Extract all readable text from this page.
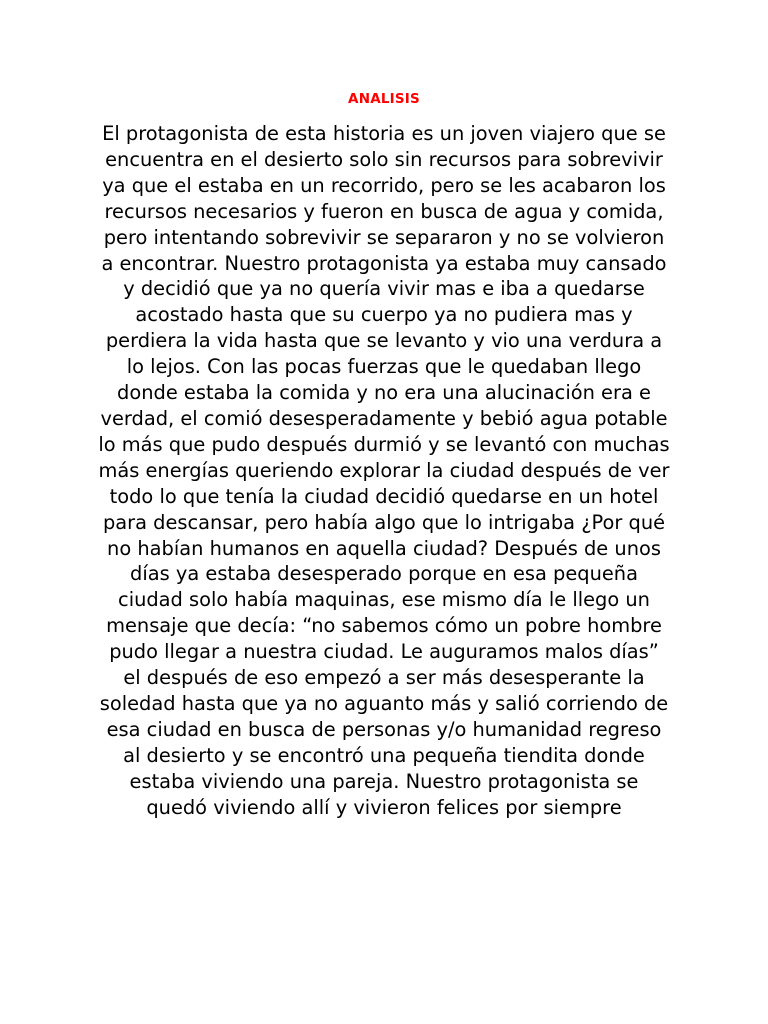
ANALISIS

El protagonista de esta historia es un joven viajero que se encuentra en el desierto solo sin recursos para sobrevivir ya que el estaba en un recorrido, pero se les acabaron los recursos necesarios y fueron en busca de agua y comida, pero intentando sobrevivir se separaron y no se volvieron a encontrar. Nuestro protagonista ya estaba muy cansado y decidió que ya no quería vivir mas e iba a quedarse acostado hasta que su cuerpo ya no pudiera mas y perdiera la vida hasta que se levanto y vio una verdura a lo lejos. Con las pocas fuerzas que le quedaban llego donde estaba la comida y no era una alucinación era e verdad, el comió desesperadamente y bebió agua potable lo más que pudo después durmió y se levantó con muchas más energías queriendo explorar la ciudad después de ver todo lo que tenía la ciudad decidió quedarse en un hotel para descansar, pero había algo que lo intrigaba ¿Por qué no habían humanos en aquella ciudad? Después de unos días ya estaba desesperado porque en esa pequeña ciudad solo había maquinas, ese mismo día le llego un mensaje que decía: “no sabemos cómo un pobre hombre pudo llegar a nuestra ciudad. Le auguramos malos días” el después de eso empezó a ser más desesperante la soledad hasta que ya no aguanto más y salió corriendo de esa ciudad en busca de personas y/o humanidad regreso al desierto y se encontró una pequeña tiendita donde estaba viviendo una pareja. Nuestro protagonista se quedó viviendo allí y vivieron felices por siempre
